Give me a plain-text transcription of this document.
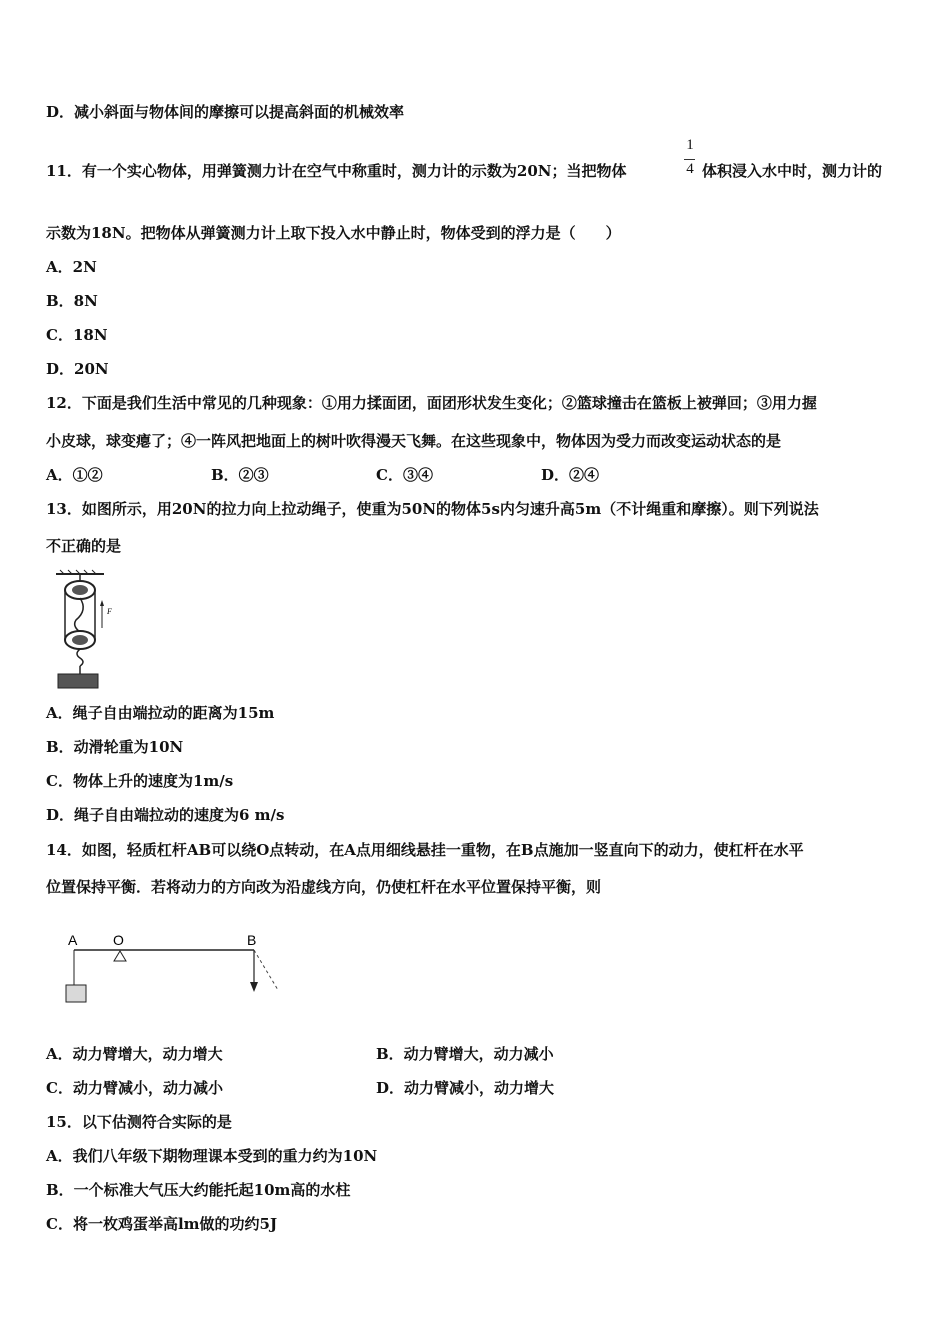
D．减小斜面与物体间的摩擦可以提高斜面的机械效率
11．有一个实心物体，用弹簧测力计在空气中称重时，测力计的示数为20N；当把物体
1
4 体积浸入水中时，测力计的
示数为18N。把物体从弹簧测力计上取下投入水中静止时，物体受到的浮力是（　　）
A．2N
B．8N
C．18N
D．20N
12．下面是我们生活中常见的几种现象：①用力揉面团，面团形状发生变化；②篮球撞击在篮板上被弹回；③用力握
小皮球，球变瘪了；④一阵风把地面上的树叶吹得漫天飞舞。在这些现象中，物体因为受力而改变运动状态的是
A．①②	B．②③	C．③④	D．②④
13．如图所示，用20N的拉力向上拉动绳子，使重为50N的物体5s内匀速升高5m（不计绳重和摩擦）。则下列说法
不正确的是
F
A．绳子自由端拉动的距离为15m
B．动滑轮重为10N
C．物体上升的速度为1m/s
D．绳子自由端拉动的速度为6 m/s
14．如图，轻质杠杆AB可以绕O点转动，在A点用细线悬挂一重物，在B点施加一竖直向下的动力，使杠杆在水平
位置保持平衡．若将动力的方向改为沿虚线方向，仍使杠杆在水平位置保持平衡，则
A	O	B
A．动力臂增大，动力增大	B．动力臂增大，动力减小
C．动力臂减小，动力减小	D．动力臂减小，动力增大
15．以下估测符合实际的是
A．我们八年级下期物理课本受到的重力约为10N
B．一个标准大气压大约能托起10m高的水柱
C．将一枚鸡蛋举高lm做的功约5J
